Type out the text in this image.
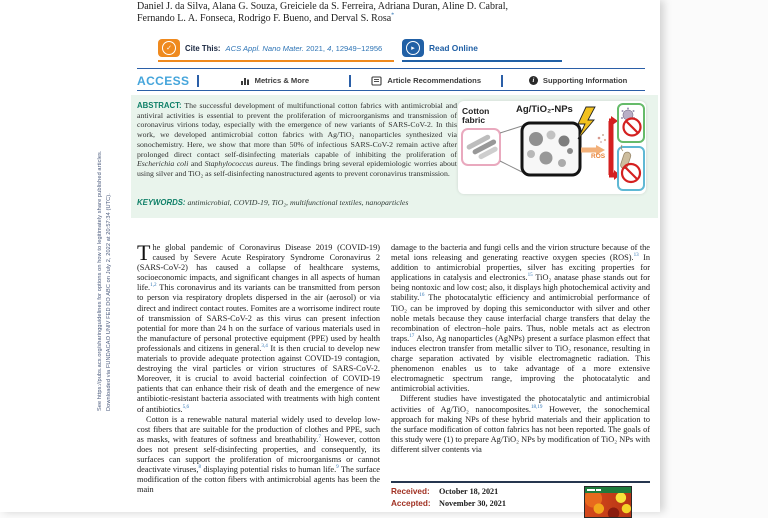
Downloaded via FUNDACAO UNIV FED DO ABC on July 2, 2022 at 20:57:34 (UTC).
See https://pubs.acs.org/sharingguidelines for options on how to legitimately share published articles.
Daniel J. da Silva, Alana G. Souza, Greiciele da S. Ferreira, Adriana Duran, Aline D. Cabral,
Fernando L. A. Fonseca, Rodrigo F. Bueno, and Derval S. Rosa*
✓	Cite This: ACS Appl. Nano Mater. 2021, 4, 12949−12956	▸	Read Online
ACCESS	Metrics & More	Article Recommendations	i	Supporting Information
ABSTRACT: The successful development of multifunctional cotton fabrics with antimicrobial and antiviral activities is essential to prevent the proliferation of microorganisms and transmission of coronavirus virions today, especially with the emergence of new variants of SARS-CoV-2. In this work, we developed antimicrobial cotton fabrics with Ag/TiO₂ nanoparticles synthesized via sonochemistry. Here, we show that more than 50% of infectious SARS-CoV-2 remain active after prolonged direct contact self-disinfecting materials capable of inhibiting the proliferation of Escherichia coli and Staphylococcus aureus. The findings bring several epidemiologic worries about using silver and TiO₂ as self-disinfecting nanostructured agents to prevent coronavirus transmission.
Cotton
fabric
Ag/TiO₂-NPs
ROS
KEYWORDS: antimicrobial, COVID-19, TiO₂, multifunctional textiles, nanoparticles

The global pandemic of Coronavirus Disease 2019 (COVID-19) caused by Severe Acute Respiratory Syndrome Coronavirus 2 (SARS-CoV-2) has caused a collapse of healthcare systems, socioeconomic impacts, and significant changes in all aspects of human life.$^{1,2}$ This coronavirus and its variants can be transmitted from person to person via respiratory droplets dispersed in the air (aerosol) or via direct and indirect contact routes. Fomites are a worrisome indirect route of transmission of SARS-CoV-2 as this virus can present infection potential for more than 24 h on the surface of various materials used in the manufacture of personal protective equipment (PPE) used by health professionals and citizens in general.$^{3,4}$ It is then crucial to develop new materials to provide adequate protection against COVID-19 contagion, destroying the viral particles or virion structures of SARS-CoV-2. Moreover, it is crucial to avoid bacterial coinfection of COVID-19 patients that can enhance their risk of death and the emergence of new antibiotic-resistant bacteria associated with treatments with high content of antibiotics.$^{5,6}$

Cotton is a renewable natural material widely used to develop low-cost fibers that are suitable for the production of clothes and PPE, such as masks, with features of softness and breathability.$^7$ However, cotton does not present self-disinfecting properties, and consequently, its surfaces can support the proliferation of microorganisms or cannot deactivate viruses,$^8$ displaying potential risks to human life.$^9$ The surface modification of the cotton fibers with antimicrobial agents has been the main

damage to the bacteria and fungi cells and the virion structure because of the metal ions releasing and generating reactive oxygen species (ROS).$^{13}$ In addition to antimicrobial properties, silver has exciting properties for applications in catalysis and electronics.$^{15}$ TiO₂ anatase phase stands out for being nontoxic and low cost; also, it displays high photochemical activity and stability.$^{16}$ The photocatalytic efficiency and antimicrobial performance of TiO₂ can be improved by doping this semiconductor with silver and other noble metals because they cause interfacial charge transfers that delay the recombination of electron−hole pairs. Thus, noble metals act as electron traps.$^{17}$ Also, Ag nanoparticles (AgNPs) present a surface plasmon effect that induces electron transfer from metallic silver to TiO₂ resonance, resulting in charge separation activated by visible electromagnetic radiation. This phenomenon enables us to take advantage of a more extensive electromagnetic spectrum range, improving the photocatalytic and antimicrobial activities.

Different studies have investigated the photocatalytic and antimicrobial activities of Ag/TiO₂ nanocomposites.$^{18,19}$ However, the sonochemical approach for making NPs of these hybrid materials and their application to the surface modification of cotton fabrics has not been reported. The goals of this study were (1) to prepare Ag/TiO₂ NPs by modification of TiO₂ NPs with different silver contents via

Received: October 18, 2021
Accepted: November 30, 2021
